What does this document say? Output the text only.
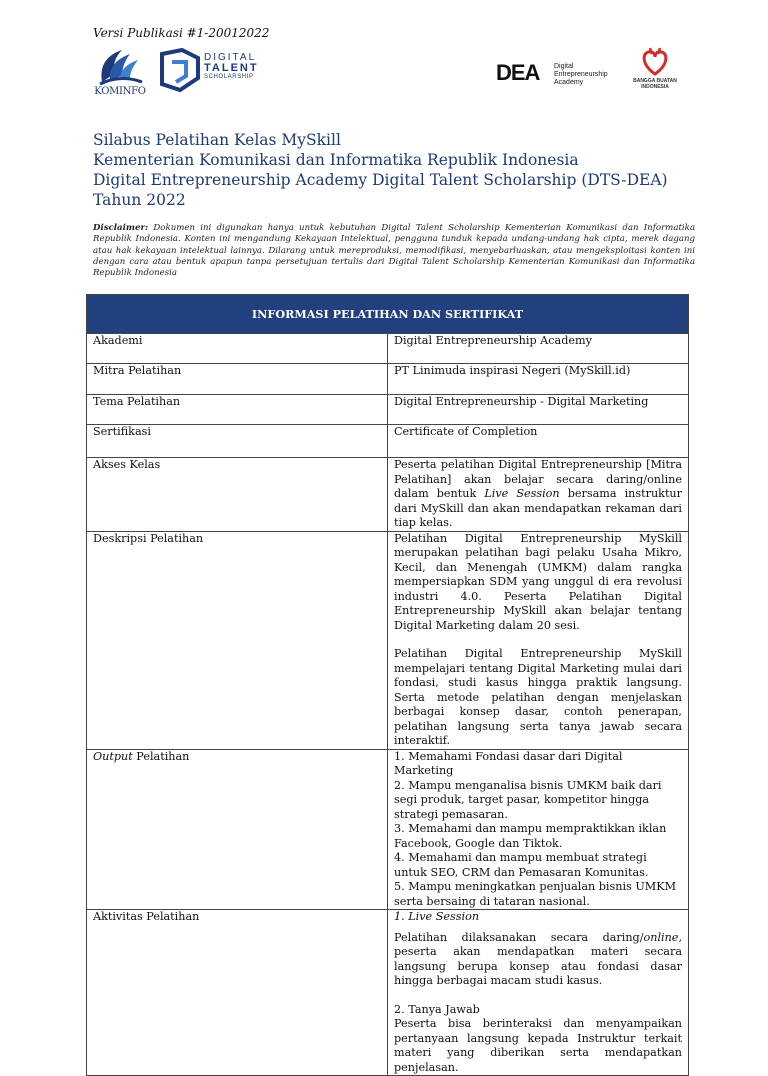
Versi Publikasi #1-20012022
KOMINFO
DIGITAL
TALENT
SCHOLARSHIP	DEA Digital
Entrepreneurship
Academy	BANGGA BUATAN
INDONESIA
Silabus Pelatihan Kelas MySkill
Kementerian Komunikasi dan Informatika Republik Indonesia
Digital Entrepreneurship Academy Digital Talent Scholarship (DTS-DEA)
Tahun 2022
Disclaimer: Dokumen ini digunakan hanya untuk kebutuhan Digital Talent Scholarship Kementerian Komunikasi dan Informatika Republik Indonesia. Konten ini mengandung Kekayaan Intelektual, pengguna tunduk kepada undang-undang hak cipta, merek dagang atau hak kekayaan intelektual lainnya. Dilarang untuk mereproduksi, memodifikasi, menyebarluaskan, atau mengeksploitasi konten ini dengan cara atau bentuk apapun tanpa persetujuan tertulis dari Digital Talent Scholarship Kementerian Komunikasi dan Informatika Republik Indonesia
INFORMASI PELATIHAN DAN SERTIFIKAT	
Akademi	Digital Entrepreneurship Academy
Mitra Pelatihan	PT Linimuda inspirasi Negeri (MySkill.id)
Tema Pelatihan	Digital Entrepreneurship - Digital Marketing
Sertifikasi	Certificate of Completion
Akses Kelas	Peserta pelatihan Digital Entrepreneurship [Mitra Pelatihan] akan belajar secara daring/online dalam bentuk Live Session bersama instruktur dari MySkill dan akan mendapatkan rekaman dari tiap kelas.
Deskripsi Pelatihan	Pelatihan Digital Entrepreneurship MySkill merupakan pelatihan bagi pelaku Usaha Mikro, Kecil, dan Menengah (UMKM) dalam rangka mempersiapkan SDM yang unggul di era revolusi industri 4.0. Peserta Pelatihan Digital Entrepreneurship MySkill akan belajar tentang Digital Marketing dalam 20 sesi.

Pelatihan Digital Entrepreneurship MySkill mempelajari tentang Digital Marketing mulai dari fondasi, studi kasus hingga praktik langsung. Serta metode pelatihan dengan menjelaskan berbagai konsep dasar, contoh penerapan, pelatihan langsung serta tanya jawab secara interaktif.

Output Pelatihan	1. Memahami Fondasi dasar dari Digital Marketing

2. Mampu menganalisa bisnis UMKM baik dari segi produk, target pasar, kompetitor hingga strategi pemasaran.

3. Memahami dan mampu mempraktikkan iklan Facebook, Google dan Tiktok.

4. Memahami dan mampu membuat strategi untuk SEO, CRM dan Pemasaran Komunitas.

5. Mampu meningkatkan penjualan bisnis UMKM serta bersaing di tataran nasional.

Aktivitas Pelatihan	1. Live Session

Pelatihan dilaksanakan secara daring/online, peserta akan mendapatkan materi secara langsung berupa konsep atau fondasi dasar hingga berbagai macam studi kasus.

2. Tanya Jawab

Peserta bisa berinteraksi dan menyampaikan pertanyaan langsung kepada Instruktur terkait materi yang diberikan serta mendapatkan penjelasan.
